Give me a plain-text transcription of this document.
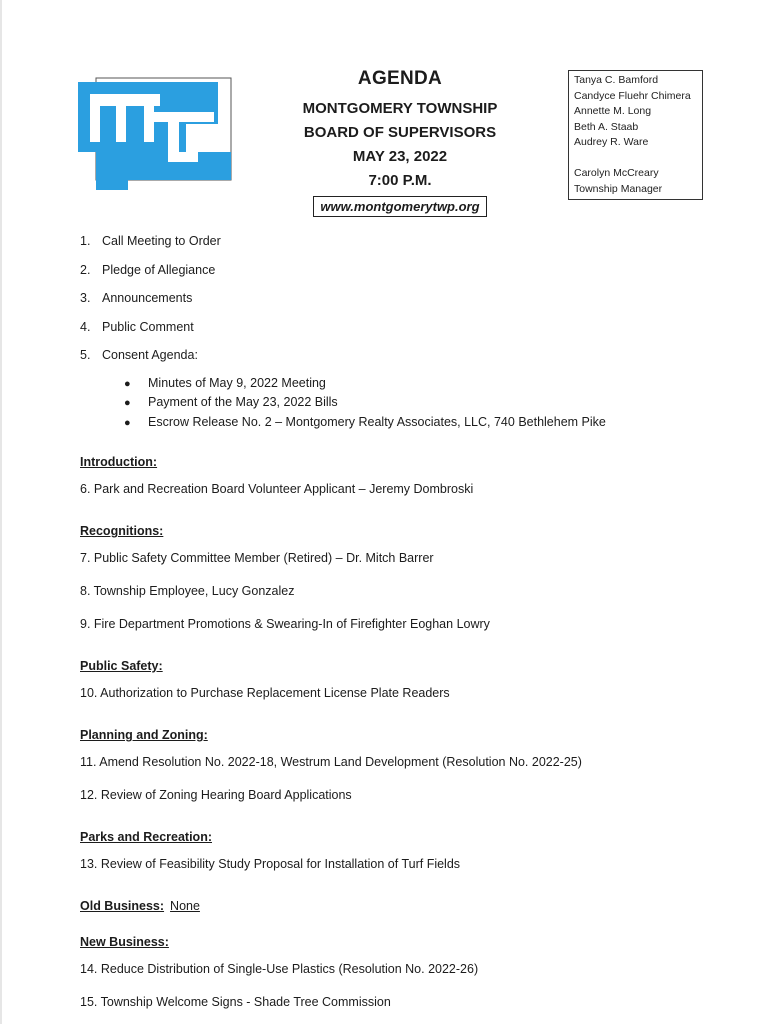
AGENDA
MONTGOMERY TOWNSHIP
BOARD OF SUPERVISORS
MAY 23, 2022
7:00 P.M.
www.montgomerytwp.org
Tanya C. Bamford
Candyce Fluehr Chimera
Annette M. Long
Beth A. Staab
Audrey R. Ware
Carolyn McCreary
Township Manager
1. Call Meeting to Order
2. Pledge of Allegiance
3. Announcements
4. Public Comment
5. Consent Agenda:
● Minutes of May 9, 2022 Meeting
● Payment of the May 23, 2022 Bills
● Escrow Release No. 2 – Montgomery Realty Associates, LLC, 740 Bethlehem Pike
Introduction:
6. Park and Recreation Board Volunteer Applicant – Jeremy Dombroski
Recognitions:
7. Public Safety Committee Member (Retired) – Dr. Mitch Barrer
8. Township Employee, Lucy Gonzalez
9. Fire Department Promotions & Swearing-In of Firefighter Eoghan Lowry
Public Safety:
10. Authorization to Purchase Replacement License Plate Readers
Planning and Zoning:
11. Amend Resolution No. 2022-18, Westrum Land Development (Resolution No. 2022-25)
12. Review of Zoning Hearing Board Applications
Parks and Recreation:
13. Review of Feasibility Study Proposal for Installation of Turf Fields
Old Business: None
New Business:
14. Reduce Distribution of Single-Use Plastics (Resolution No. 2022-26)
15. Township Welcome Signs - Shade Tree Commission
